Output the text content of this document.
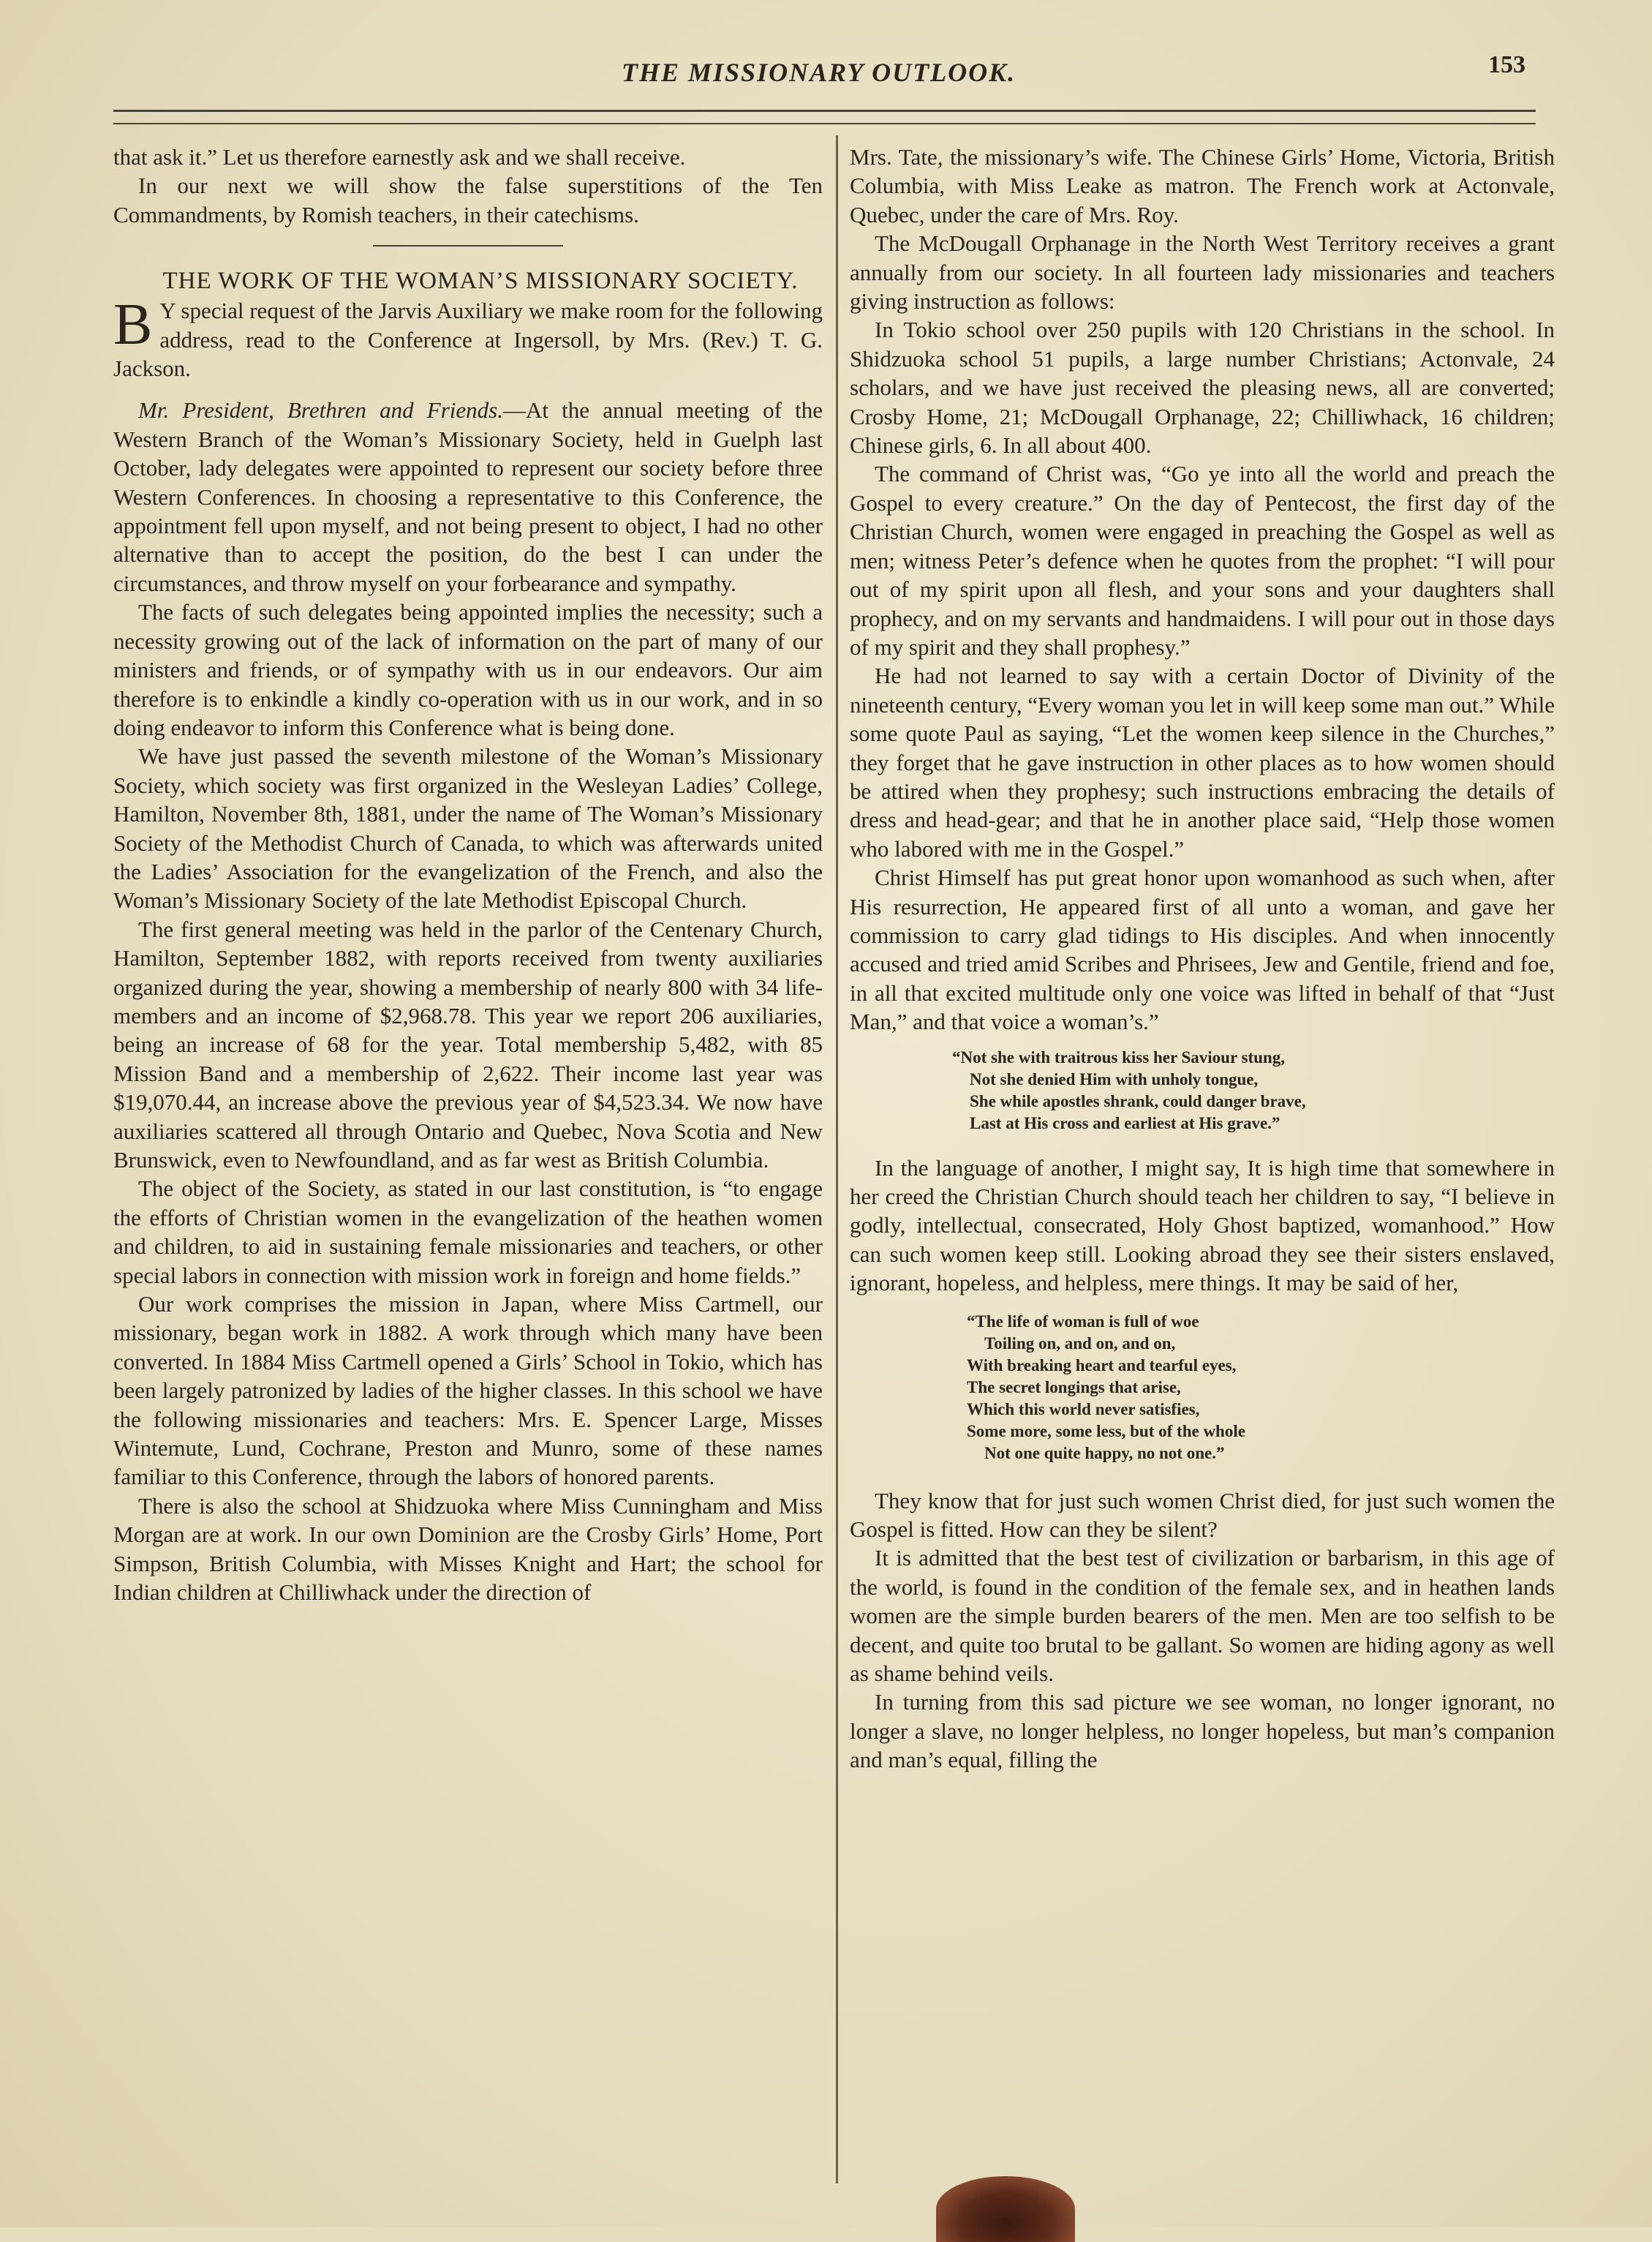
THE MISSIONARY OUTLOOK.	153

that ask it.” Let us therefore earnestly ask and we shall receive.

In our next we will show the false superstitions of the Ten Commandments, by Romish teachers, in their catechisms.

THE WORK OF THE WOMAN’S MISSIONARY SOCIETY.

B Y special request of the Jarvis Auxiliary we make room for the following address, read to the Conference at Ingersoll, by Mrs. (Rev.) T. G. Jackson.

Mr. President, Brethren and Friends.—At the annual meeting of the Western Branch of the Woman’s Missionary Society, held in Guelph last October, lady delegates were appointed to represent our society before three Western Conferences. In choosing a representative to this Conference, the appointment fell upon myself, and not being present to object, I had no other alternative than to accept the position, do the best I can under the circumstances, and throw myself on your forbearance and sympathy.

The facts of such delegates being appointed implies the necessity; such a necessity growing out of the lack of information on the part of many of our ministers and friends, or of sympathy with us in our endeavors. Our aim therefore is to enkindle a kindly co-operation with us in our work, and in so doing endeavor to inform this Conference what is being done.

We have just passed the seventh milestone of the Woman’s Missionary Society, which society was first organized in the Wesleyan Ladies’ College, Hamilton, November 8th, 1881, under the name of The Woman’s Missionary Society of the Methodist Church of Canada, to which was afterwards united the Ladies’ Association for the evangelization of the French, and also the Woman’s Missionary Society of the late Methodist Episcopal Church.

The first general meeting was held in the parlor of the Centenary Church, Hamilton, September 1882, with reports received from twenty auxiliaries organized during the year, showing a membership of nearly 800 with 34 life-members and an income of $2,968.78. This year we report 206 auxiliaries, being an increase of 68 for the year. Total membership 5,482, with 85 Mission Band and a membership of 2,622. Their income last year was $19,070.44, an increase above the previous year of $4,523.34. We now have auxiliaries scattered all through Ontario and Quebec, Nova Scotia and New Brunswick, even to Newfoundland, and as far west as British Columbia.

The object of the Society, as stated in our last constitution, is “to engage the efforts of Christian women in the evangelization of the heathen women and children, to aid in sustaining female missionaries and teachers, or other special labors in connection with mission work in foreign and home fields.”

Our work comprises the mission in Japan, where Miss Cartmell, our missionary, began work in 1882. A work through which many have been converted. In 1884 Miss Cartmell opened a Girls’ School in Tokio, which has been largely patronized by ladies of the higher classes. In this school we have the following missionaries and teachers: Mrs. E. Spencer Large, Misses Wintemute, Lund, Cochrane, Preston and Munro, some of these names familiar to this Conference, through the labors of honored parents.

There is also the school at Shidzuoka where Miss Cunningham and Miss Morgan are at work. In our own Dominion are the Crosby Girls’ Home, Port Simpson, British Columbia, with Misses Knight and Hart; the school for Indian children at Chilliwhack under the direction of

Mrs. Tate, the missionary’s wife. The Chinese Girls’ Home, Victoria, British Columbia, with Miss Leake as matron. The French work at Actonvale, Quebec, under the care of Mrs. Roy.

The McDougall Orphanage in the North West Territory receives a grant annually from our society. In all fourteen lady missionaries and teachers giving instruction as follows:

In Tokio school over 250 pupils with 120 Christians in the school. In Shidzuoka school 51 pupils, a large number Christians; Actonvale, 24 scholars, and we have just received the pleasing news, all are converted; Crosby Home, 21; McDougall Orphanage, 22; Chilliwhack, 16 children; Chinese girls, 6. In all about 400.

The command of Christ was, “Go ye into all the world and preach the Gospel to every creature.” On the day of Pentecost, the first day of the Christian Church, women were engaged in preaching the Gospel as well as men; witness Peter’s defence when he quotes from the prophet: “I will pour out of my spirit upon all flesh, and your sons and your daughters shall prophecy, and on my servants and handmaidens. I will pour out in those days of my spirit and they shall prophesy.”

He had not learned to say with a certain Doctor of Divinity of the nineteenth century, “Every woman you let in will keep some man out.” While some quote Paul as saying, “Let the women keep silence in the Churches,” they forget that he gave instruction in other places as to how women should be attired when they prophesy; such instructions embracing the details of dress and head-gear; and that he in another place said, “Help those women who labored with me in the Gospel.”

Christ Himself has put great honor upon womanhood as such when, after His resurrection, He appeared first of all unto a woman, and gave her commission to carry glad tidings to His disciples. And when innocently accused and tried amid Scribes and Phrisees, Jew and Gentile, friend and foe, in all that excited multitude only one voice was lifted in behalf of that “Just Man,” and that voice a woman’s.”

“Not she with traitrous kiss her Saviour stung,
Not she denied Him with unholy tongue,
She while apostles shrank, could danger brave,
Last at His cross and earliest at His grave.”

In the language of another, I might say, It is high time that somewhere in her creed the Christian Church should teach her children to say, “I believe in godly, intellectual, consecrated, Holy Ghost baptized, womanhood.” How can such women keep still. Looking abroad they see their sisters enslaved, ignorant, hopeless, and helpless, mere things. It may be said of her,

“The life of woman is full of woe
Toiling on, and on, and on,
With breaking heart and tearful eyes,
The secret longings that arise,
Which this world never satisfies,
Some more, some less, but of the whole
Not one quite happy, no not one.”

They know that for just such women Christ died, for just such women the Gospel is fitted. How can they be silent?

It is admitted that the best test of civilization or barbarism, in this age of the world, is found in the condition of the female sex, and in heathen lands women are the simple burden bearers of the men. Men are too selfish to be decent, and quite too brutal to be gallant. So women are hiding agony as well as shame behind veils.

In turning from this sad picture we see woman, no longer ignorant, no longer a slave, no longer helpless, no longer hopeless, but man’s companion and man’s equal, filling the
